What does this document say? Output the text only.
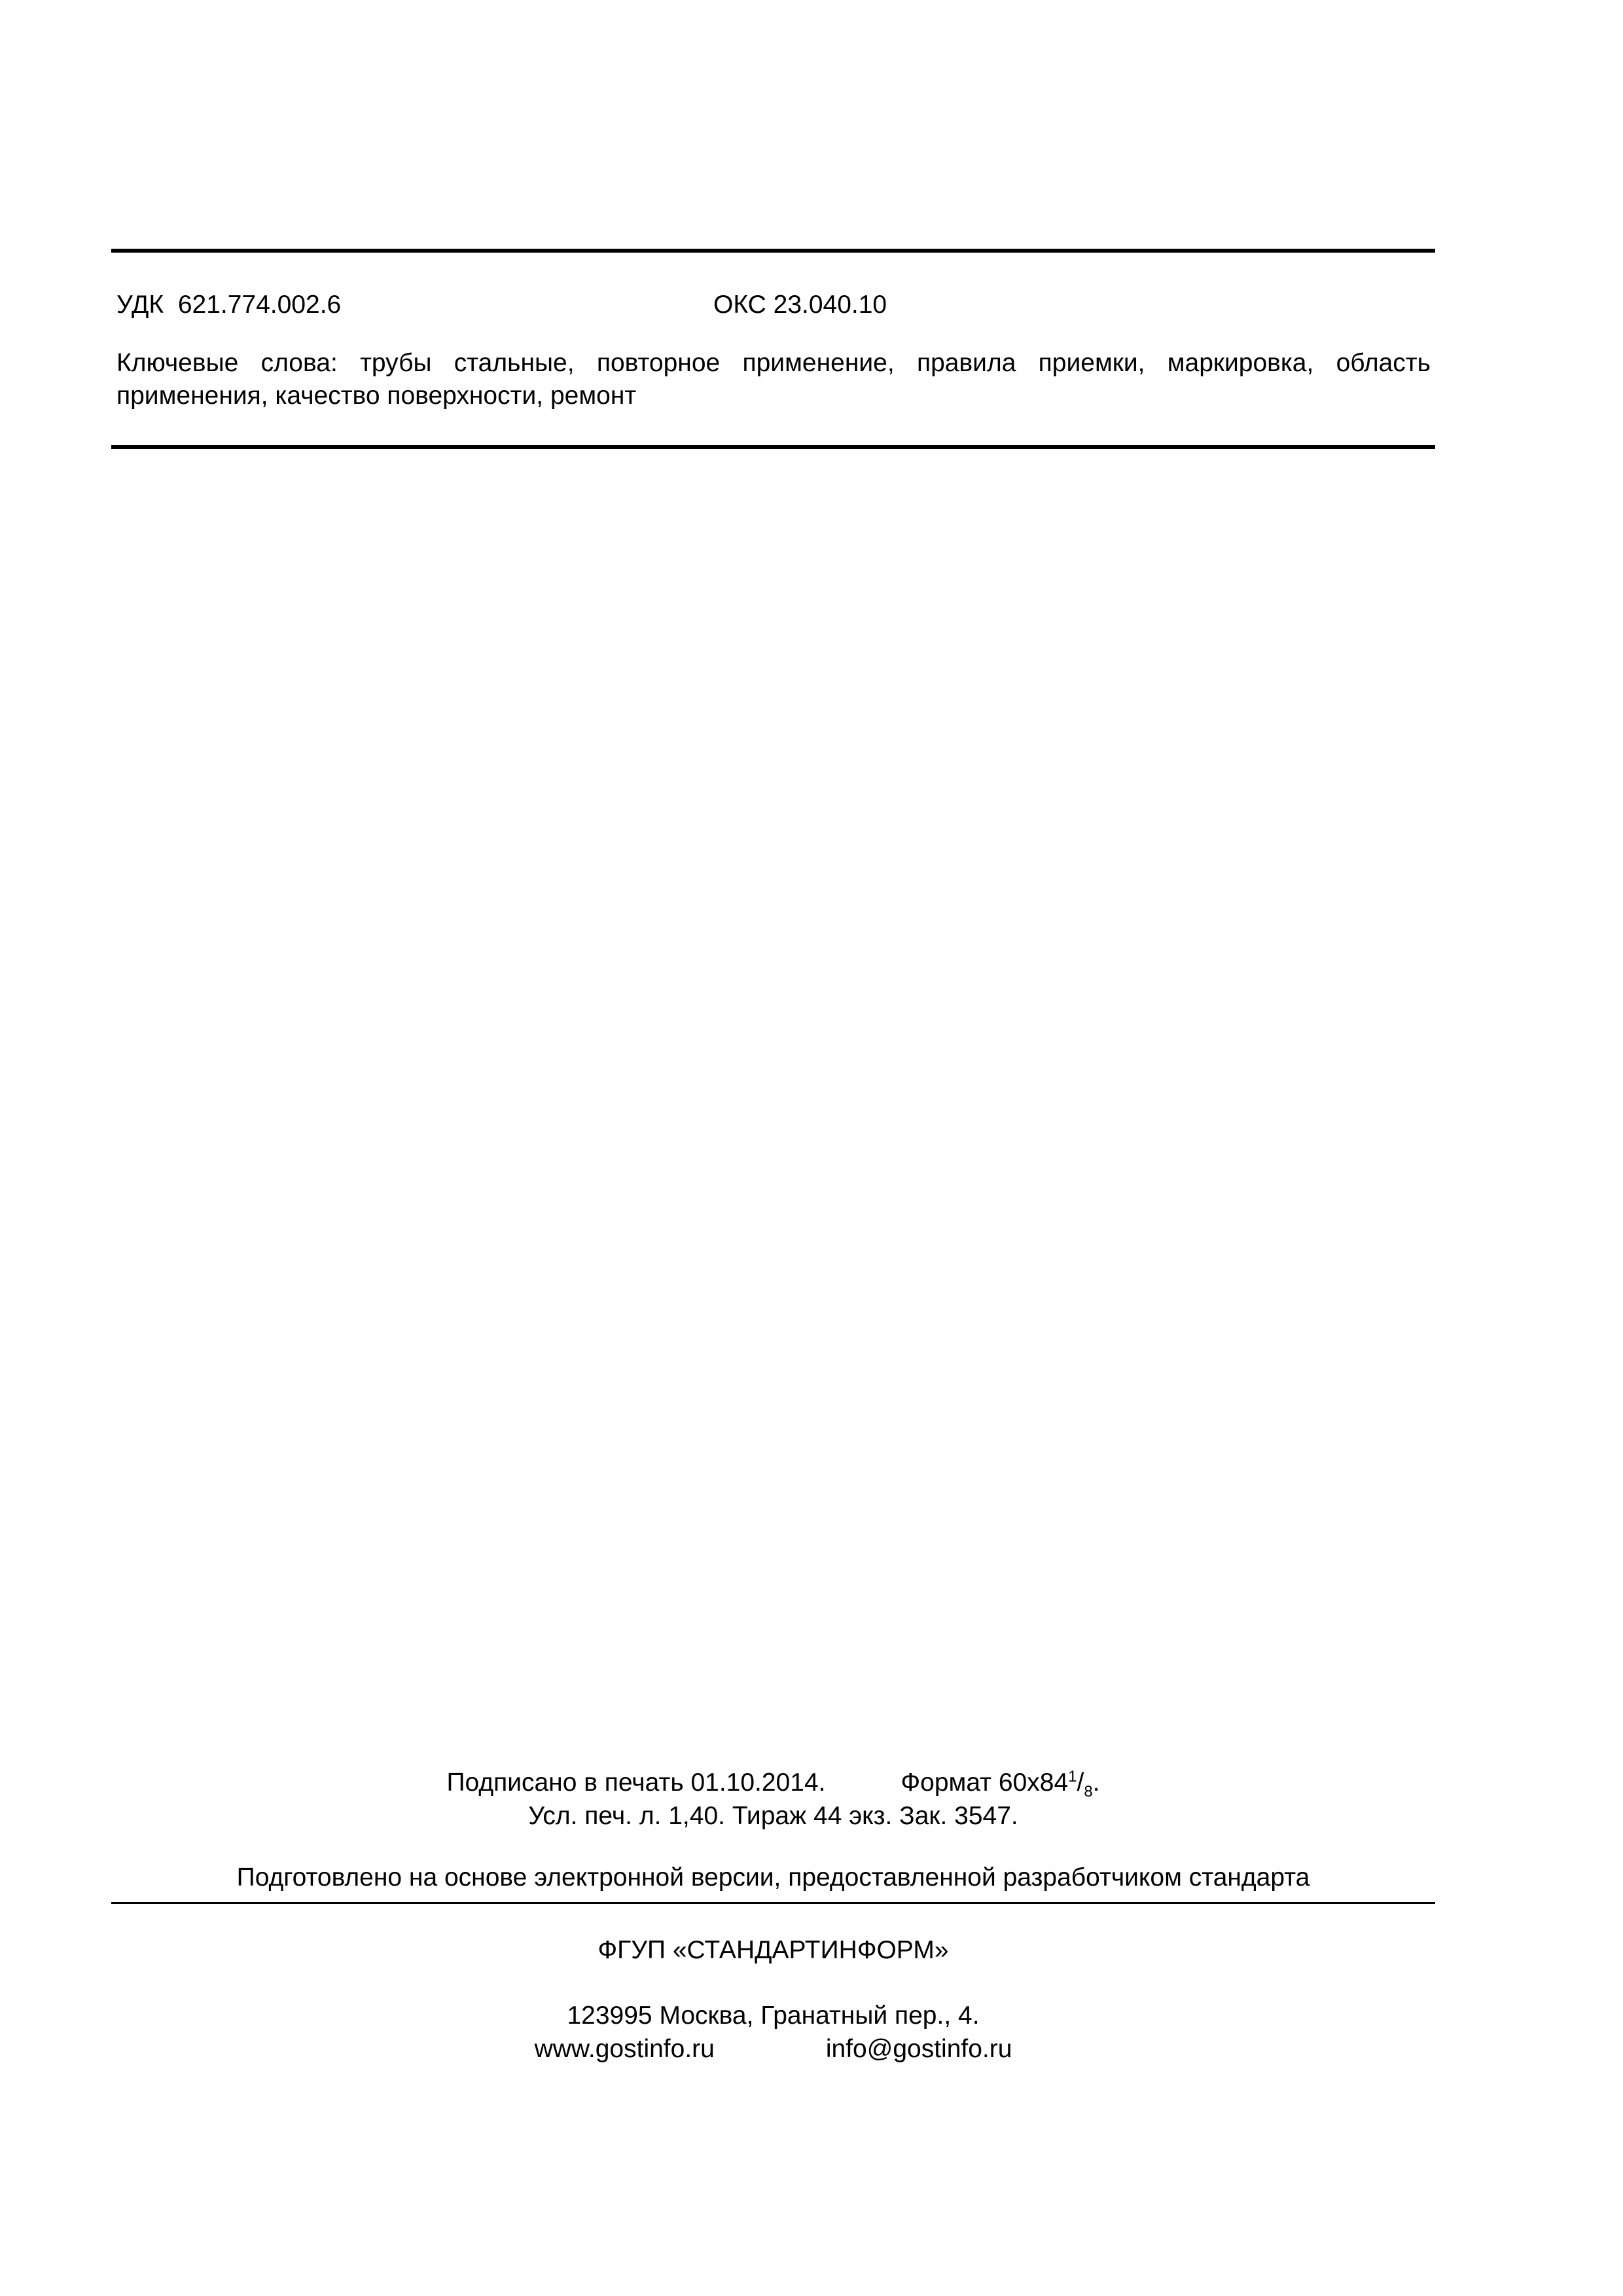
УДК 621.774.002.6	ОКС 23.040.10
Ключевые слова: трубы стальные, повторное применение, правила приемки, маркировка, область применения, качество поверхности, ремонт
Подписано в печать 01.10.2014.	Формат $60x84^1/_8$.
Усл. печ. л. 1,40. Тираж 44 экз. Зак. 3547.
Подготовлено на основе электронной версии, предоставленной разработчиком стандарта
ФГУП «СТАНДАРТИНФОРМ»
123995 Москва, Гранатный пер., 4.
www.gostinfo.ru	info@gostinfo.ru
